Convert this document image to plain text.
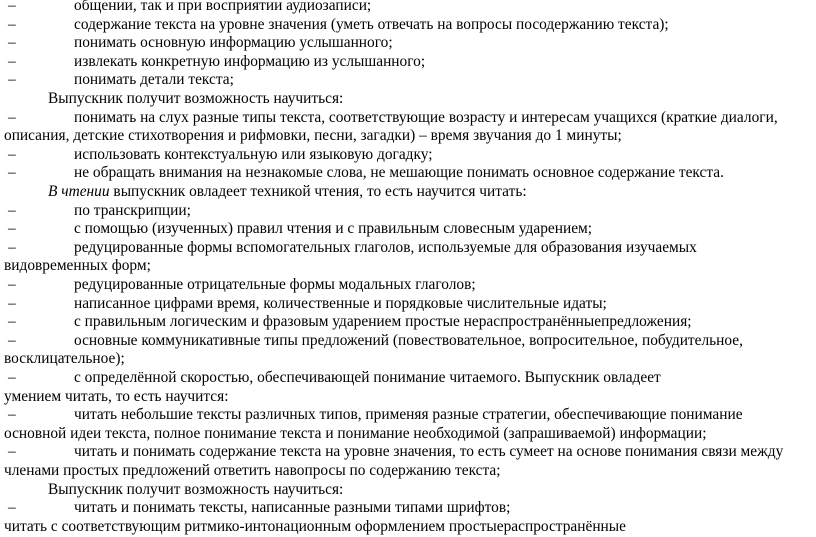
–	общении, так и при восприятии аудиозаписи;
–	содержание текста на уровне значения (уметь отвечать на вопросы посодержанию текста);
–	понимать основную информацию услышанного;
–	извлекать конкретную информацию из услышанного;
–	понимать детали текста;
Выпускник получит возможность научиться:
–	понимать на слух разные типы текста, соответствующие возрасту и интересам учащихся (краткие диалоги,
описания, детские стихотворения и рифмовки, песни, загадки) – время звучания до 1 минуты;
–	использовать контекстуальную или языковую догадку;
–	не обращать внимания на незнакомые слова, не мешающие понимать основное содержание текста.
В чтении выпускник овладеет техникой чтения, то есть научится читать:
–	по транскрипции;
–	с помощью (изученных) правил чтения и с правильным словесным ударением;
–	редуцированные формы вспомогательных глаголов, используемые для образования изучаемых
видовременных форм;
–	редуцированные отрицательные формы модальных глаголов;
–	написанное цифрами время, количественные и порядковые числительные идаты;
–	с правильным логическим и фразовым ударением простые нераспространённыепредложения;
–	основные коммуникативные типы предложений (повествовательное, вопросительное, побудительное,
восклицательное);
–	с определённой скоростью, обеспечивающей понимание читаемого. Выпускник овладеет
умением читать, то есть научится:
–	читать небольшие тексты различных типов, применяя разные стратегии, обеспечивающие понимание
основной идеи текста, полное понимание текста и понимание необходимой (запрашиваемой) информации;
–	читать и понимать содержание текста на уровне значения, то есть сумеет на основе понимания связи между
членами простых предложений ответить навопросы по содержанию текста;
Выпускник получит возможность научиться:
–	читать и понимать тексты, написанные разными типами шрифтов;
читать с соответствующим ритмико-интонационным оформлением простыераспространённые
